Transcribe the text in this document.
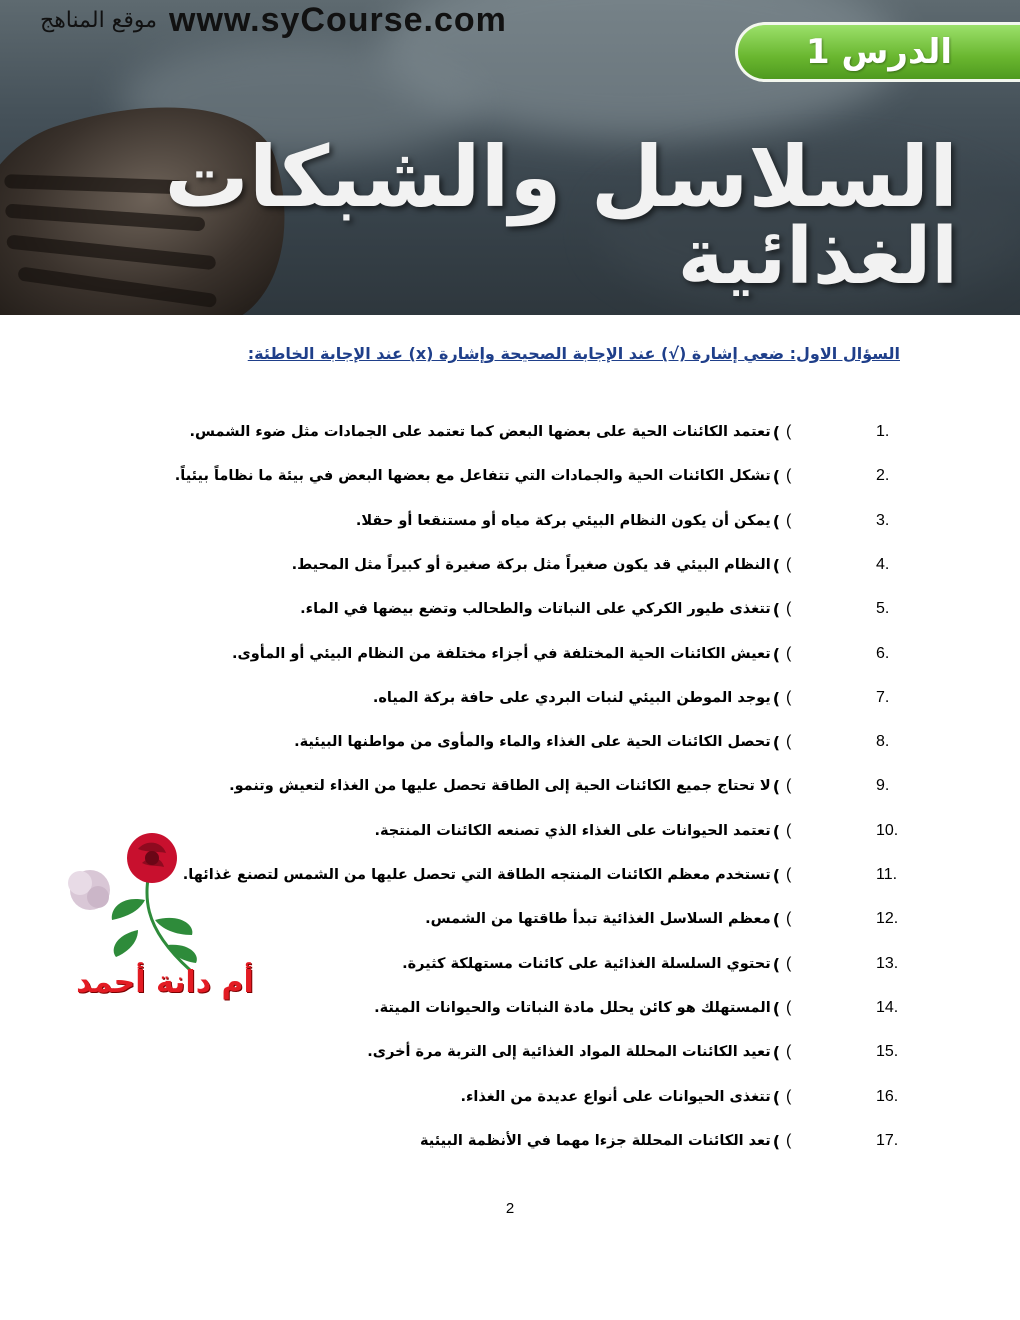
موقع المناهج www.syCourse.com
الدرس 1
السلاسل والشبكات
الغذائية
السؤال الاول: ضعي إشارة (√) عند الإجابة الصحيحة وإشارة (x) عند الإجابة الخاطئة:
1.
(
)
تعتمد الكائنات الحية على بعضها البعض كما تعتمد على الجمادات مثل ضوء الشمس.
2.
(
)
تشكل الكائنات الحية والجمادات التي تتفاعل مع بعضها البعض في بيئة ما نظاماً بيئياً.
3.
(
)
يمكن أن يكون النظام البيئي بركة مياه أو مستنقعا أو حقلا.
4.
(
)
النظام البيئي قد يكون صغيراً مثل بركة صغيرة أو كبيراً مثل المحيط.
5.
(
)
تتغذى طيور الكركي على النباتات والطحالب وتضع بيضها في الماء.
6.
(
)
تعيش الكائنات الحية المختلفة في أجزاء مختلفة من النظام البيئي أو المأوى.
7.
(
)
يوجد الموطن البيئي لنبات البردي على حافة بركة المياه.
8.
(
)
تحصل الكائنات الحية على الغذاء والماء والمأوى من مواطنها البيئية.
9.
(
)
لا تحتاج جميع الكائنات الحية إلى الطاقة تحصل عليها من الغذاء لتعيش وتنمو.
10.
(
)
تعتمد الحيوانات على الغذاء الذي تصنعه الكائنات المنتجة.
11.
(
)
تستخدم معظم الكائنات المنتجه الطاقة التي تحصل عليها من الشمس لتصنع غذائها.
12.
(
)
معظم السلاسل الغذائية تبدأ طاقتها من الشمس.
13.
(
)
تحتوي السلسلة الغذائية على كائنات مستهلكة كثيرة.
14.
(
)
المستهلك هو كائن يحلل مادة النباتات والحيوانات الميتة.
15.
(
)
تعيد الكائنات المحللة المواد الغذائية إلى التربة مرة أخرى.
16.
(
)
تتغذى الحيوانات على أنواع عديدة من الغذاء.
17.
(
)
تعد الكائنات المحللة جزءا مهما في الأنظمة البيئية
أم دانة أحمد
2
